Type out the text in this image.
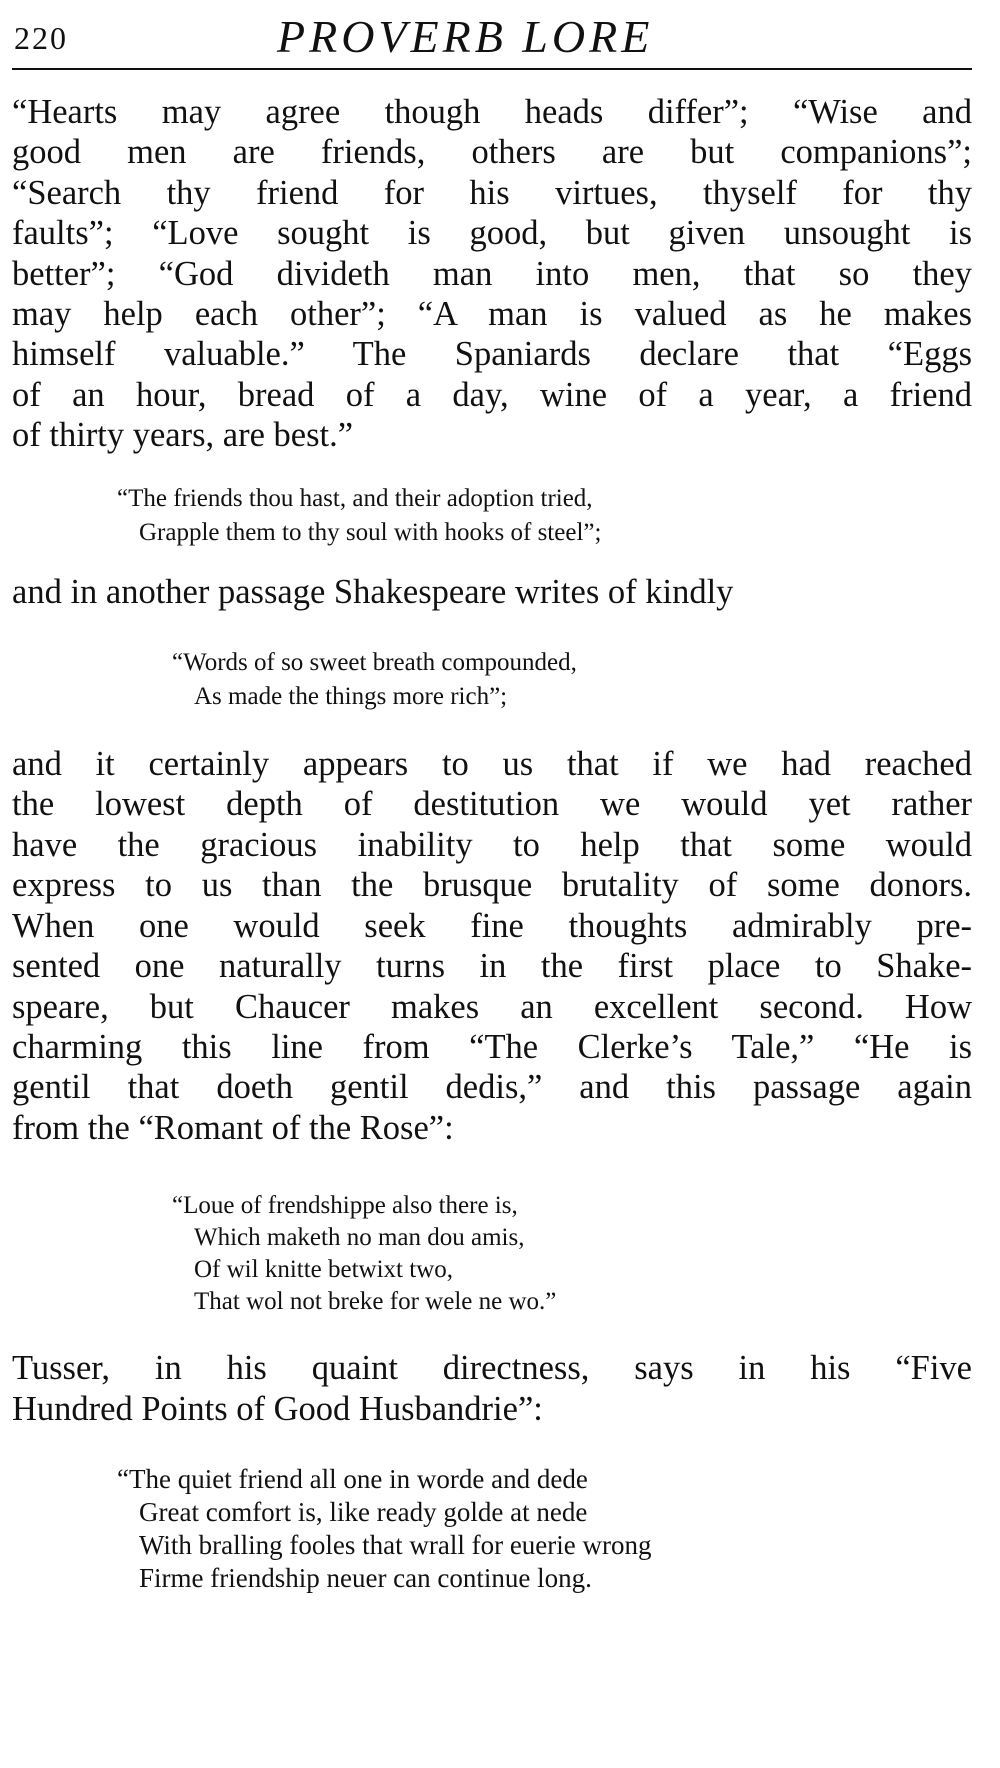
220	PROVERB LORE
“Hearts may agree though heads differ”; “Wise and
good men are friends, others are but companions”;
“Search thy friend for his virtues, thyself for thy
faults”; “Love sought is good, but given unsought is
better”; “God divideth man into men, that so they
may help each other”; “A man is valued as he makes
himself valuable.” The Spaniards declare that “Eggs
of an hour, bread of a day, wine of a year, a friend
of thirty years, are best.”
“The friends thou hast, and their adoption tried,
Grapple them to thy soul with hooks of steel”;
and in another passage Shakespeare writes of kindly
“Words of so sweet breath compounded,
As made the things more rich”;
and it certainly appears to us that if we had reached
the lowest depth of destitution we would yet rather
have the gracious inability to help that some would
express to us than the brusque brutality of some donors.
When one would seek fine thoughts admirably pre-
sented one naturally turns in the first place to Shake-
speare, but Chaucer makes an excellent second. How
charming this line from “The Clerke’s Tale,” “He is
gentil that doeth gentil dedis,” and this passage again
from the “Romant of the Rose”:
“Loue of frendshippe also there is,
Which maketh no man dou amis,
Of wil knitte betwixt two,
That wol not breke for wele ne wo.”
Tusser, in his quaint directness, says in his “Five
Hundred Points of Good Husbandrie”:
“The quiet friend all one in worde and dede
Great comfort is, like ready golde at nede
With bralling fooles that wrall for euerie wrong
Firme friendship neuer can continue long.
